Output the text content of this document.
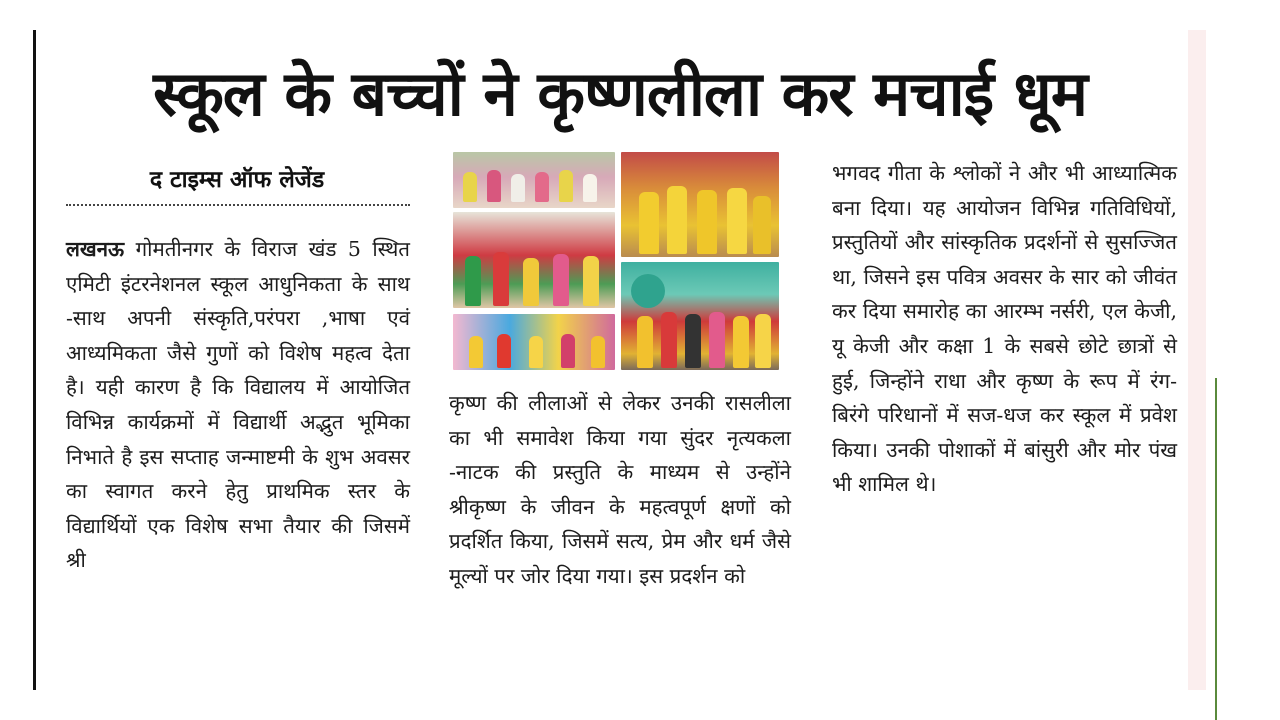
स्कूल के बच्चों ने कृष्णलीला कर मचाई धूम
द टाइम्स ऑफ लेजेंड

लखनऊ गोमतीनगर के विराज खंड 5 स्थित एमिटी इंटरनेशनल स्कूल आधुनिकता के साथ -साथ अपनी संस्कृति,परंपरा ,भाषा एवं आध्यमिकता जैसे गुणों को विशेष महत्व देता है। यही कारण है कि विद्यालय में आयोजित विभिन्न कार्यक्रमों में विद्यार्थी अद्भुत भूमिका निभाते है इस सप्ताह जन्माष्टमी के शुभ अवसर का स्वागत करने हेतु प्राथमिक स्तर के विद्यार्थियों एक विशेष सभा तैयार की जिसमें श्री

कृष्ण की लीलाओं से लेकर उनकी रासलीला का भी समावेश किया गया सुंदर नृत्यकला -नाटक की प्रस्तुति के माध्यम से उन्होंने श्रीकृष्ण के जीवन के महत्वपूर्ण क्षणों को प्रदर्शित किया, जिसमें सत्य, प्रेम और धर्म जैसे मूल्यों पर जोर दिया गया। इस प्रदर्शन को

भगवद गीता के श्लोकों ने और भी आध्यात्मिक बना दिया। यह आयोजन विभिन्न गतिविधियों, प्रस्तुतियों और सांस्कृतिक प्रदर्शनों से सुसज्जित था, जिसने इस पवित्र अवसर के सार को जीवंत कर दिया समारोह का आरम्भ नर्सरी, एल केजी, यू केजी और कक्षा 1 के सबसे छोटे छात्रों से हुई, जिन्होंने राधा और कृष्ण के रूप में रंग-बिरंगे परिधानों में सज-धज कर स्कूल में प्रवेश किया। उनकी पोशाकों में बांसुरी और मोर पंख भी शामिल थे।
